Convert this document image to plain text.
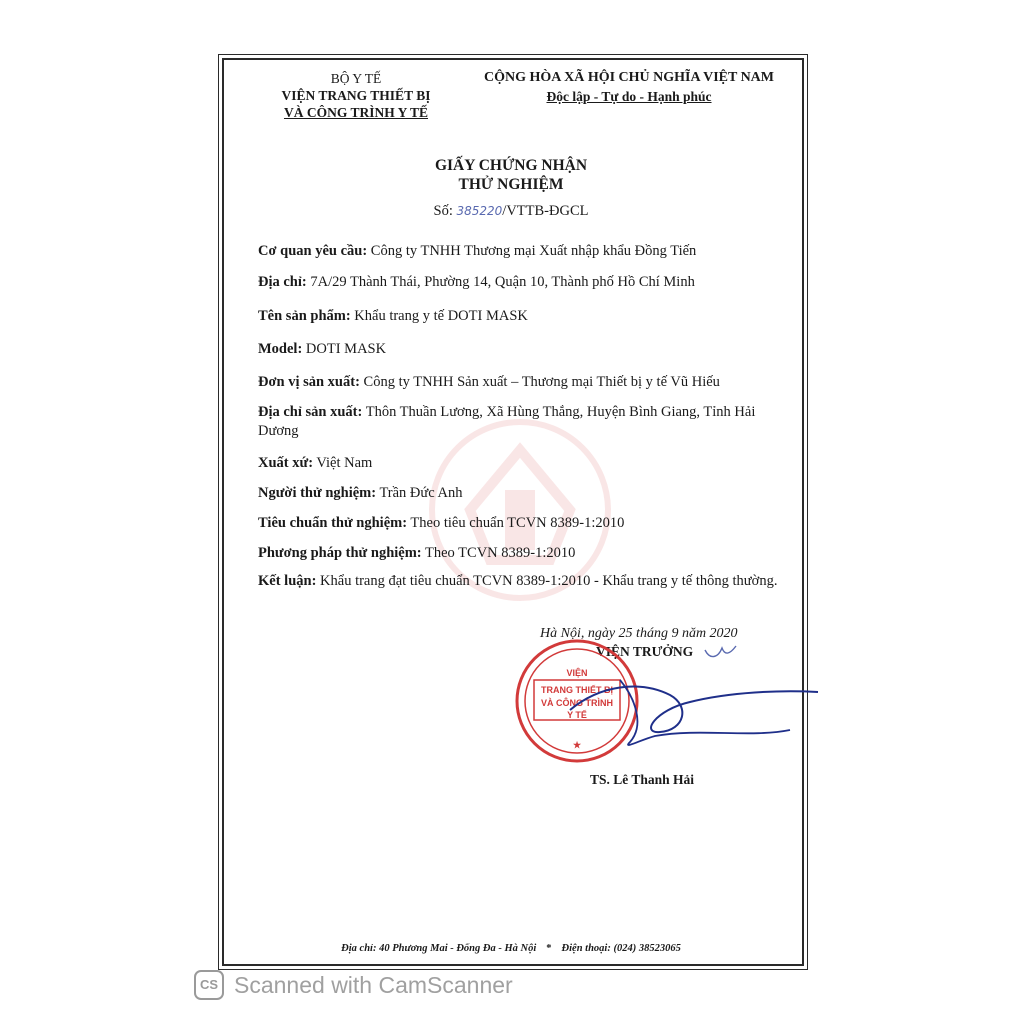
BỘ Y TẾ
VIỆN TRANG THIẾT BỊ
VÀ CÔNG TRÌNH Y TẾ
CỘNG HÒA XÃ HỘI CHỦ NGHĨA VIỆT NAM
Độc lập - Tự do - Hạnh phúc
GIẤY CHỨNG NHẬN
THỬ NGHIỆM
Số: 385220/VTTB-ĐGCL

Cơ quan yêu cầu: Công ty TNHH Thương mại Xuất nhập khẩu Đồng Tiến

Địa chỉ: 7A/29 Thành Thái, Phường 14, Quận 10, Thành phố Hồ Chí Minh

Tên sản phẩm: Khẩu trang y tế DOTI MASK

Model: DOTI MASK

Đơn vị sản xuất: Công ty TNHH Sản xuất – Thương mại Thiết bị y tế Vũ Hiếu

Địa chỉ sản xuất: Thôn Thuần Lương, Xã Hùng Thắng, Huyện Bình Giang, Tỉnh Hải Dương

Xuất xứ: Việt Nam

Người thử nghiệm: Trần Đức Anh

Tiêu chuẩn thử nghiệm: Theo tiêu chuẩn TCVN 8389-1:2010

Phương pháp thử nghiệm: Theo TCVN 8389-1:2010

Kết luận: Khẩu trang đạt tiêu chuẩn TCVN 8389-1:2010 - Khẩu trang y tế thông thường.

Hà Nội, ngày 25 tháng 9 năm 2020
VIỆN TRƯỞNG
VIỆN
TRANG THIẾT BỊ
VÀ CÔNG TRÌNH
Y TẾ
★
TS. Lê Thanh Hải
Địa chỉ: 40 Phương Mai - Đống Đa - Hà Nội * Điện thoại: (024) 38523065
CS Scanned with CamScanner
